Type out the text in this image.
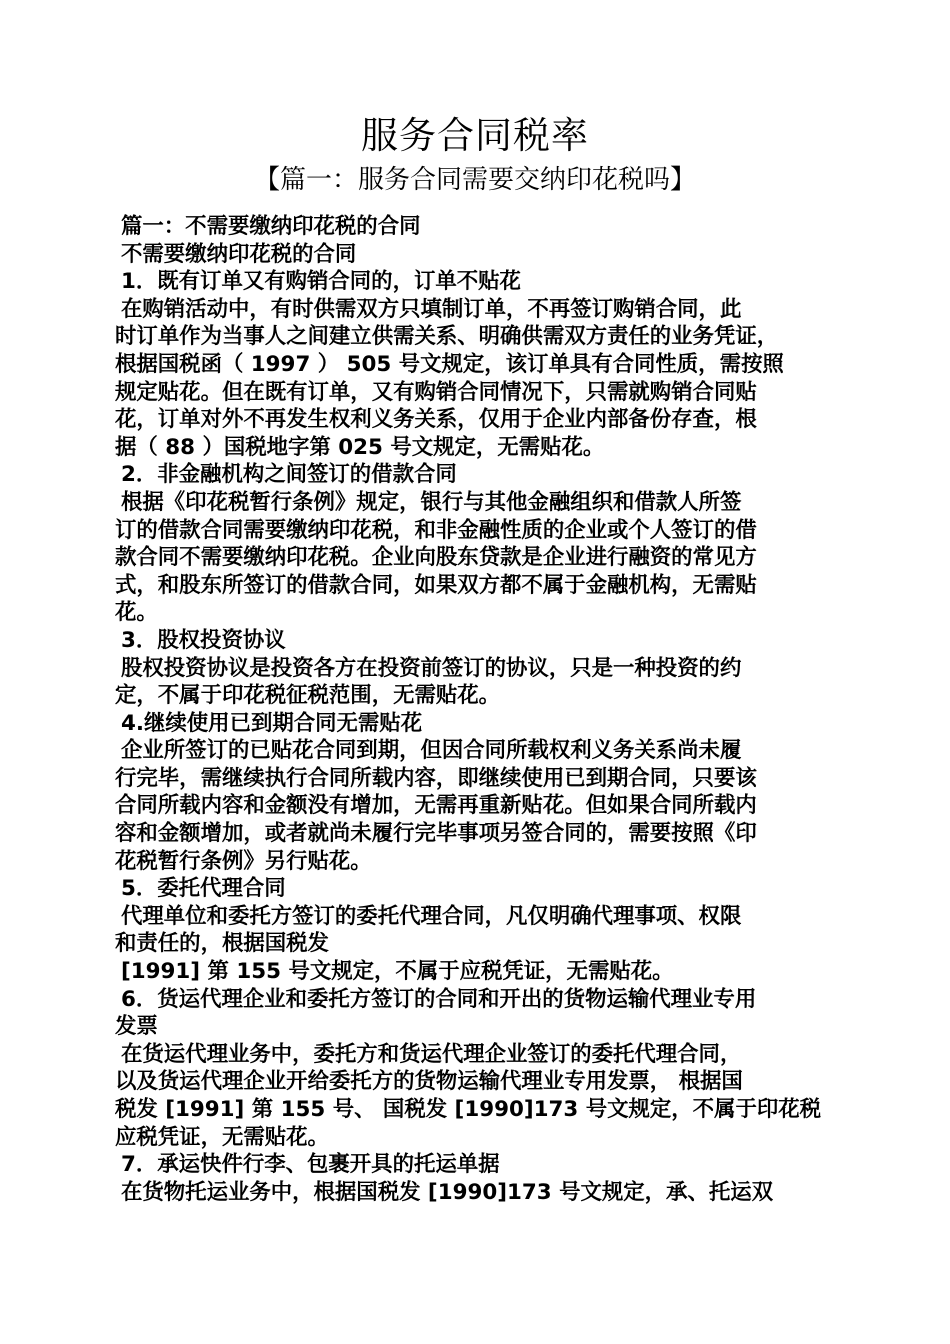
服务合同税率
【篇一：服务合同需要交纳印花税吗】
篇一：不需要缴纳印花税的合同
不需要缴纳印花税的合同
1．既有订单又有购销合同的，订单不贴花
在购销活动中，有时供需双方只填制订单，不再签订购销合同，此
时订单作为当事人之间建立供需关系、明确供需双方责任的业务凭证，
根据国税函（ 1997 ） 505 号文规定，该订单具有合同性质，需按照
规定贴花。但在既有订单，又有购销合同情况下，只需就购销合同贴
花，订单对外不再发生权利义务关系，仅用于企业内部备份存查，根
据（ 88 ）国税地字第 025 号文规定，无需贴花。
2．非金融机构之间签订的借款合同
根据《印花税暂行条例》规定，银行与其他金融组织和借款人所签
订的借款合同需要缴纳印花税，和非金融性质的企业或个人签订的借
款合同不需要缴纳印花税。企业向股东贷款是企业进行融资的常见方
式，和股东所签订的借款合同，如果双方都不属于金融机构，无需贴
花。
3．股权投资协议
股权投资协议是投资各方在投资前签订的协议，只是一种投资的约
定，不属于印花税征税范围，无需贴花。
4.继续使用已到期合同无需贴花
企业所签订的已贴花合同到期，但因合同所载权利义务关系尚未履
行完毕，需继续执行合同所载内容，即继续使用已到期合同，只要该
合同所载内容和金额没有增加，无需再重新贴花。但如果合同所载内
容和金额增加，或者就尚未履行完毕事项另签合同的，需要按照《印
花税暂行条例》另行贴花。
5．委托代理合同
代理单位和委托方签订的委托代理合同，凡仅明确代理事项、权限
和责任的，根据国税发
[1991] 第 155 号文规定，不属于应税凭证，无需贴花。
6．货运代理企业和委托方签订的合同和开出的货物运输代理业专用
发票
在货运代理业务中，委托方和货运代理企业签订的委托代理合同，
以及货运代理企业开给委托方的货物运输代理业专用发票， 根据国
税发 [1991] 第 155 号、 国税发 [1990]173 号文规定，不属于印花税
应税凭证，无需贴花。
7．承运快件行李、包裹开具的托运单据
在货物托运业务中，根据国税发 [1990]173 号文规定，承、托运双
